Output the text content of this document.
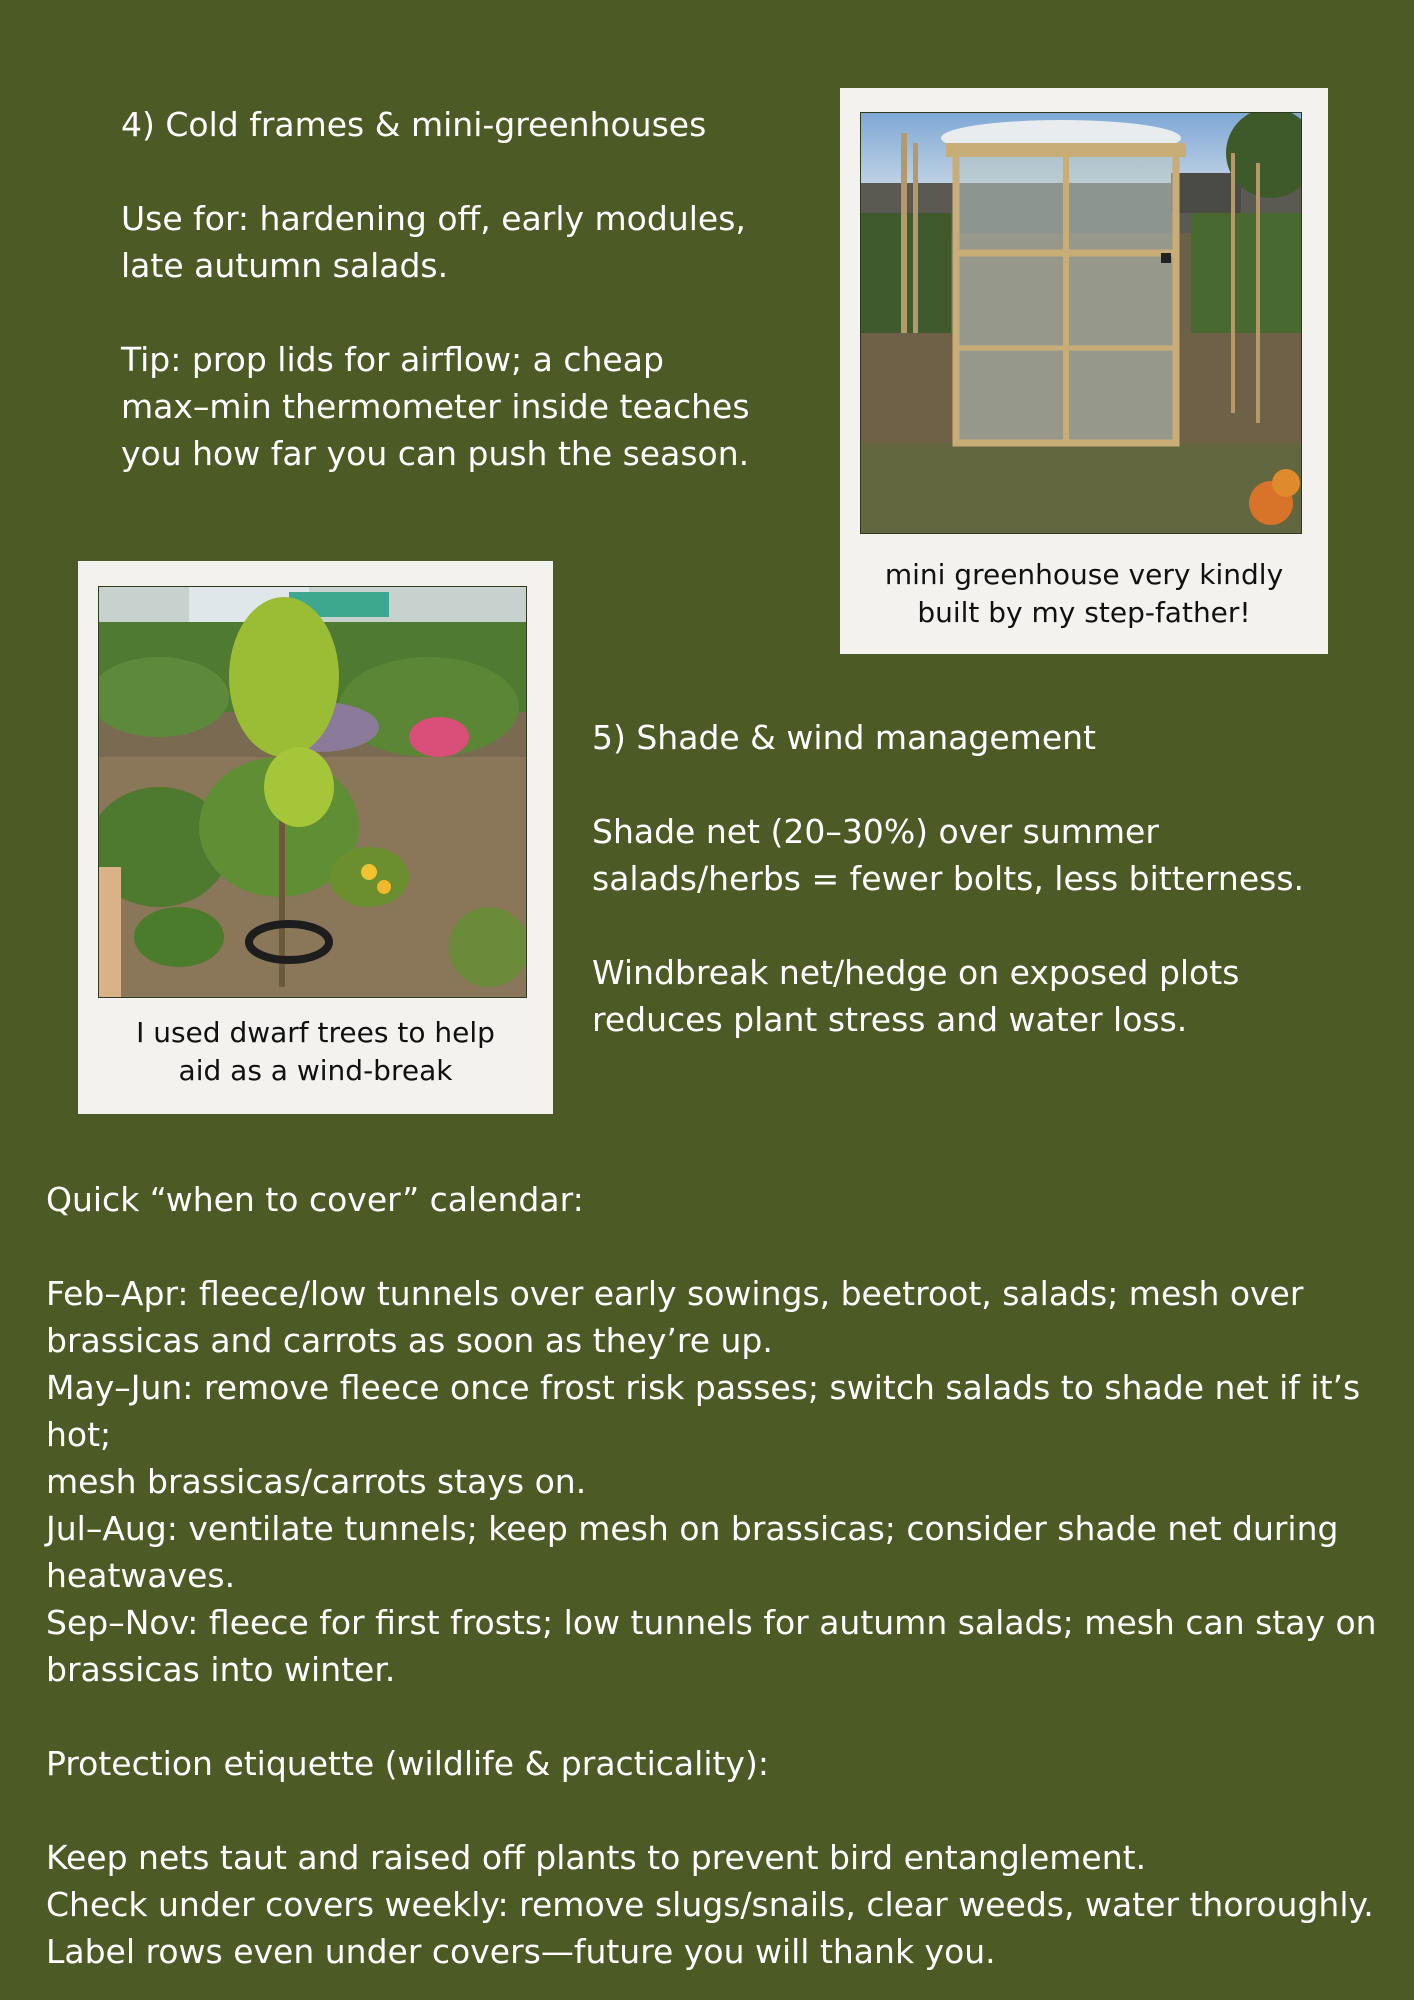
4) Cold frames & mini-greenhouses

Use for: hardening off, early modules,
late autumn salads.

Tip: prop lids for airflow; a cheap
max–min thermometer inside teaches
you how far you can push the season.

mini greenhouse very kindly
built by my step-father!
I used dwarf trees to help
aid as a wind-break

5) Shade & wind management

Shade net (20–30%) over summer
salads/herbs = fewer bolts, less bitterness.

Windbreak net/hedge on exposed plots
reduces plant stress and water loss.

Quick “when to cover” calendar:

Feb–Apr: fleece/low tunnels over early sowings, beetroot, salads; mesh over
brassicas and carrots as soon as they’re up.

May–Jun: remove fleece once frost risk passes; switch salads to shade net if it’s hot;
mesh brassicas/carrots stays on.

Jul–Aug: ventilate tunnels; keep mesh on brassicas; consider shade net during
heatwaves.

Sep–Nov: fleece for first frosts; low tunnels for autumn salads; mesh can stay on
brassicas into winter.

Protection etiquette (wildlife & practicality):

Keep nets taut and raised off plants to prevent bird entanglement.

Check under covers weekly: remove slugs/snails, clear weeds, water thoroughly.

Label rows even under covers—future you will thank you.
